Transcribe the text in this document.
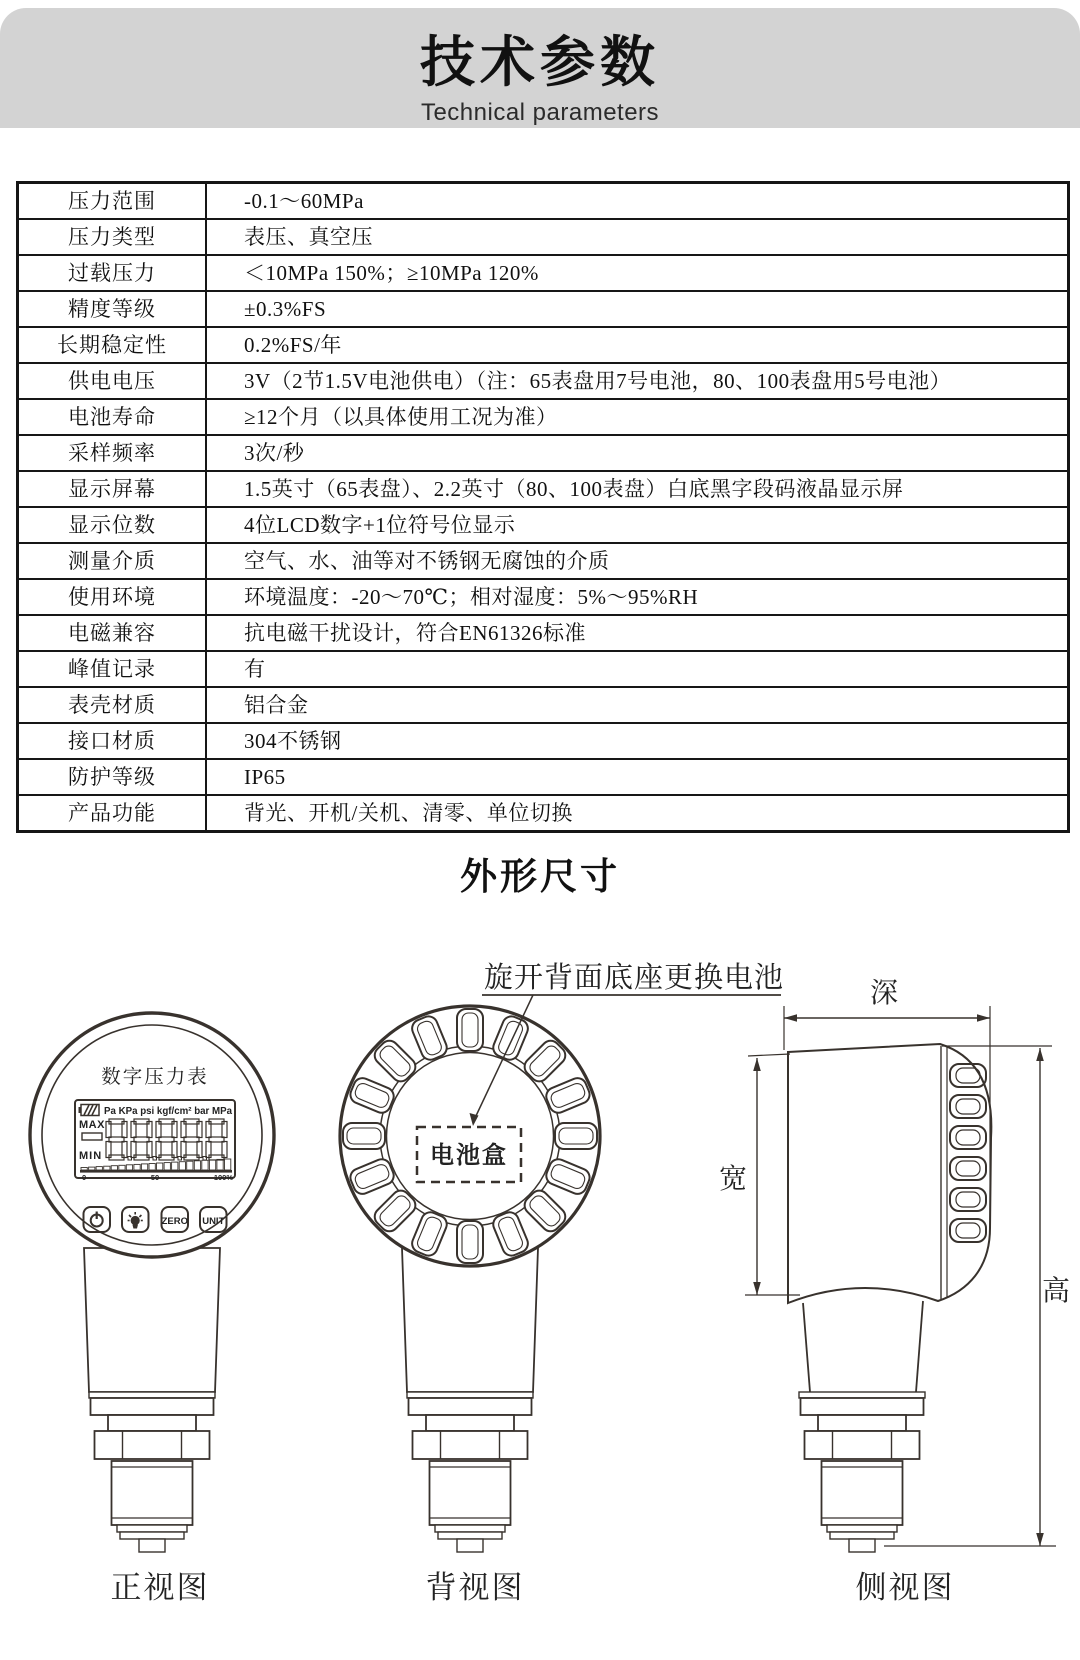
技术参数
Technical parameters
压力范围	-0.1～60MPa
压力类型	表压、真空压
过载压力	＜10MPa 150%；≥10MPa 120%
精度等级	±0.3%FS
长期稳定性	0.2%FS/年
供电电压	3V（2节1.5V电池供电）（注：65表盘用7号电池，80、100表盘用5号电池）
电池寿命	≥12个月（以具体使用工况为准）
采样频率	3次/秒
显示屏幕	1.5英寸（65表盘）、2.2英寸（80、100表盘）白底黑字段码液晶显示屏
显示位数	4位LCD数字+1位符号位显示
测量介质	空气、水、油等对不锈钢无腐蚀的介质
使用环境	环境温度：-20～70℃；相对湿度：5%～95%RH
电磁兼容	抗电磁干扰设计，符合EN61326标准
峰值记录	有
表壳材质	铝合金
接口材质	304不锈钢
防护等级	IP65
产品功能	背光、开机/关机、清零、单位切换
外形尺寸
数字压力表
Pa KPa psi kgf/cm² bar MPa
MAX
MIN
0	50	100%
ZERO UNIT
电池盒
深
宽
高
旋开背面底座更换电池
正视图	背视图	侧视图
